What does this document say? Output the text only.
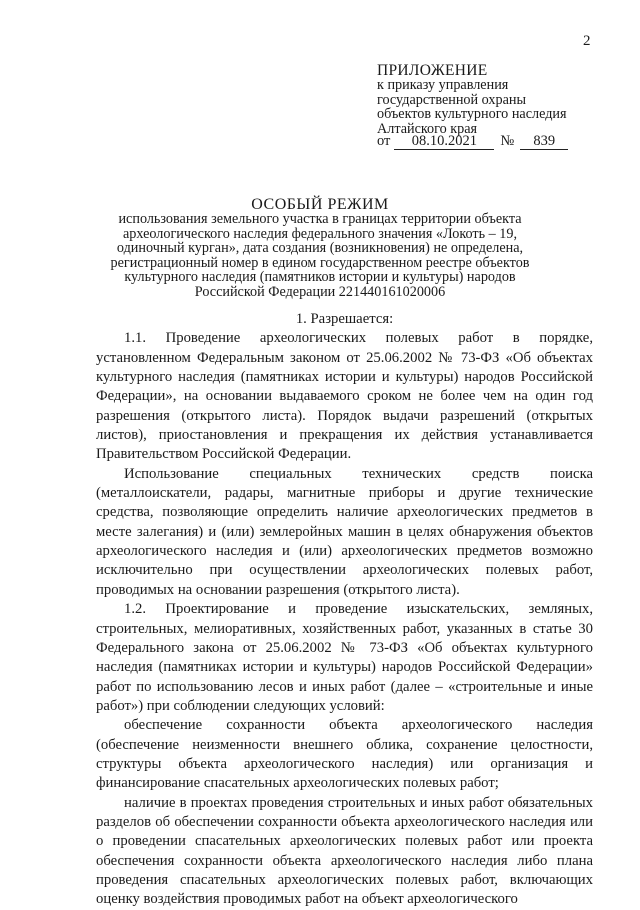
2
ПРИЛОЖЕНИЕ
к приказу управления
государственной охраны
объектов культурного наследия
Алтайского края
от 08.10.2021 № 839
ОСОБЫЙ РЕЖИМ
использования земельного участка в границах территории объекта археологического наследия федерального значения «Локоть – 19, одиночный курган», дата создания (возникновения) не определена, регистрационный номер в едином государственном реестре объектов культурного наследия (памятников истории и культуры) народов Российской Федерации 221440161020006

1. Разрешается:

1.1. Проведение археологических полевых работ в порядке, установленном Федеральным законом от 25.06.2002 № 73-ФЗ «Об объектах культурного наследия (памятниках истории и культуры) народов Российской Федерации», на основании выдаваемого сроком не более чем на один год разрешения (открытого листа). Порядок выдачи разрешений (открытых листов), приостановления и прекращения их действия устанавливается Правительством Российской Федерации.

Использование специальных технических средств поиска (металлоискатели, радары, магнитные приборы и другие технические средства, позволяющие определить наличие археологических предметов в месте залегания) и (или) землеройных машин в целях обнаружения объектов археологического наследия и (или) археологических предметов возможно исключительно при осуществлении археологических полевых работ, проводимых на основании разрешения (открытого листа).

1.2. Проектирование и проведение изыскательских, земляных, строительных, мелиоративных, хозяйственных работ, указанных в статье 30 Федерального закона от 25.06.2002 № 73-ФЗ «Об объектах культурного наследия (памятниках истории и культуры) народов Российской Федерации» работ по использованию лесов и иных работ (далее – «строительные и иные работ») при соблюдении следующих условий:

обеспечение сохранности объекта археологического наследия (обеспечение неизменности внешнего облика, сохранение целостности, структуры объекта археологического наследия) или организация и финансирование спасательных археологических полевых работ;

наличие в проектах проведения строительных и иных работ обязательных разделов об обеспечении сохранности объекта археологического наследия или о проведении спасательных археологических полевых работ или проекта обеспечения сохранности объекта археологического наследия либо плана проведения спасательных археологических полевых работ, включающих оценку воздействия проводимых работ на объект археологического
